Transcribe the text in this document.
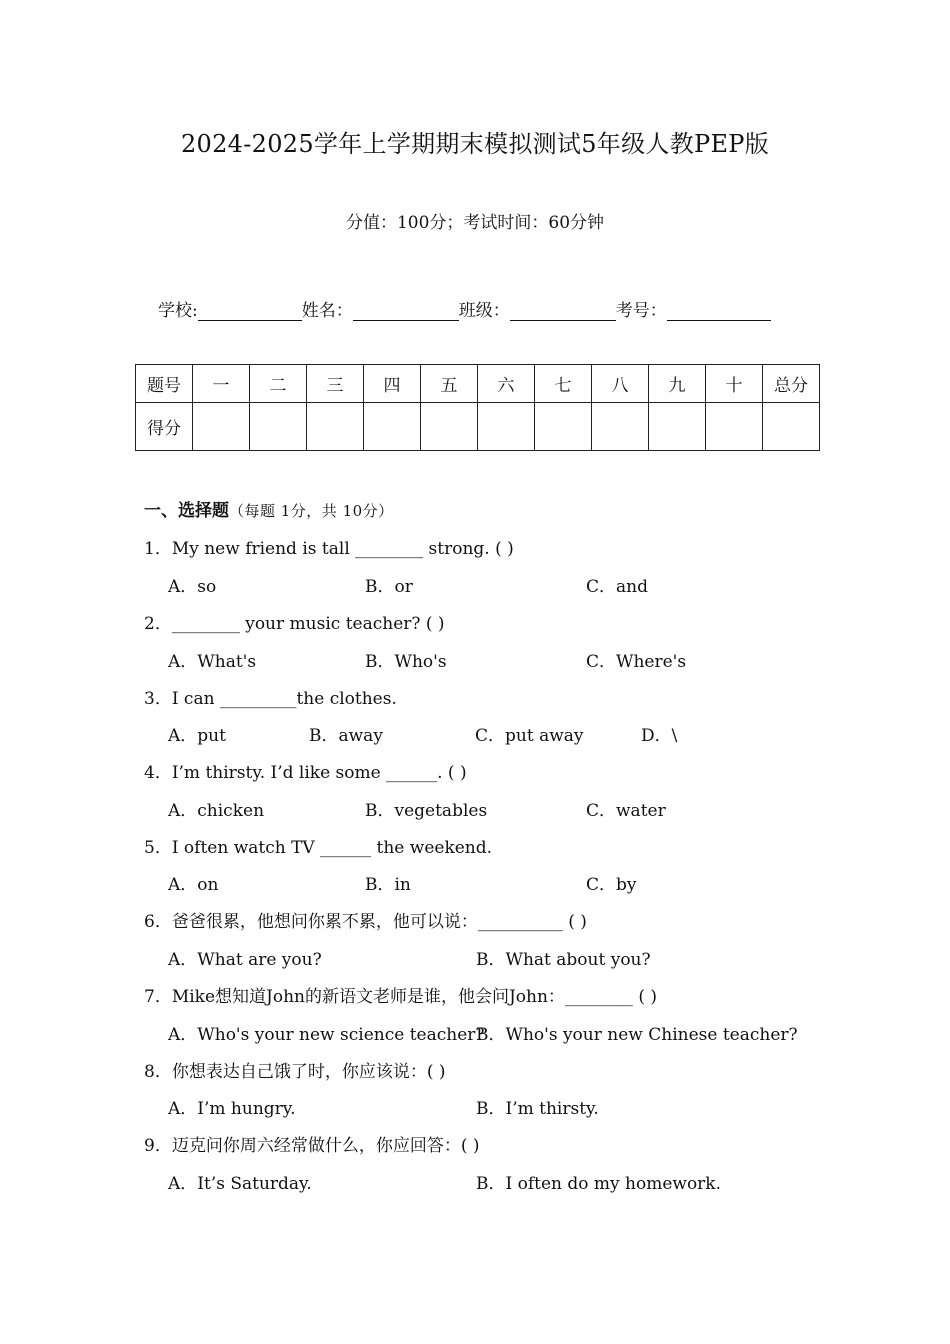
2024-2025学年上学期期末模拟测试5年级人教PEP版
分值：100分；考试时间：60分钟
学校:	姓名：	班级：	考号：
题号	一	二	三	四	五	六	七	八	九	十	总分
得分											
一、选择题（每题 1分，共 10分）
1．My new friend is tall ________ strong. ( )
A．so	B．or	C．and
2．________ your music teacher? ( )
A．What's	B．Who's	C．Where's
3．I can _________the clothes.
A．put	B．away	C．put away	D．\
4．I’m thirsty. I’d like some ______. ( )
A．chicken	B．vegetables	C．water
5．I often watch TV ______ the weekend.
A．on	B．in	C．by
6．爸爸很累，他想问你累不累，他可以说：__________ ( )
A．What are you?	B．What about you?
7．Mike想知道John的新语文老师是谁，他会问John：________ ( )
A．Who's your new science teacher?
B．Who's your new Chinese teacher?
8．你想表达自己饿了时，你应该说：( )
A．I’m hungry.	B．I’m thirsty.
9．迈克问你周六经常做什么，你应回答：( )
A．It’s Saturday.	B．I often do my homework.
